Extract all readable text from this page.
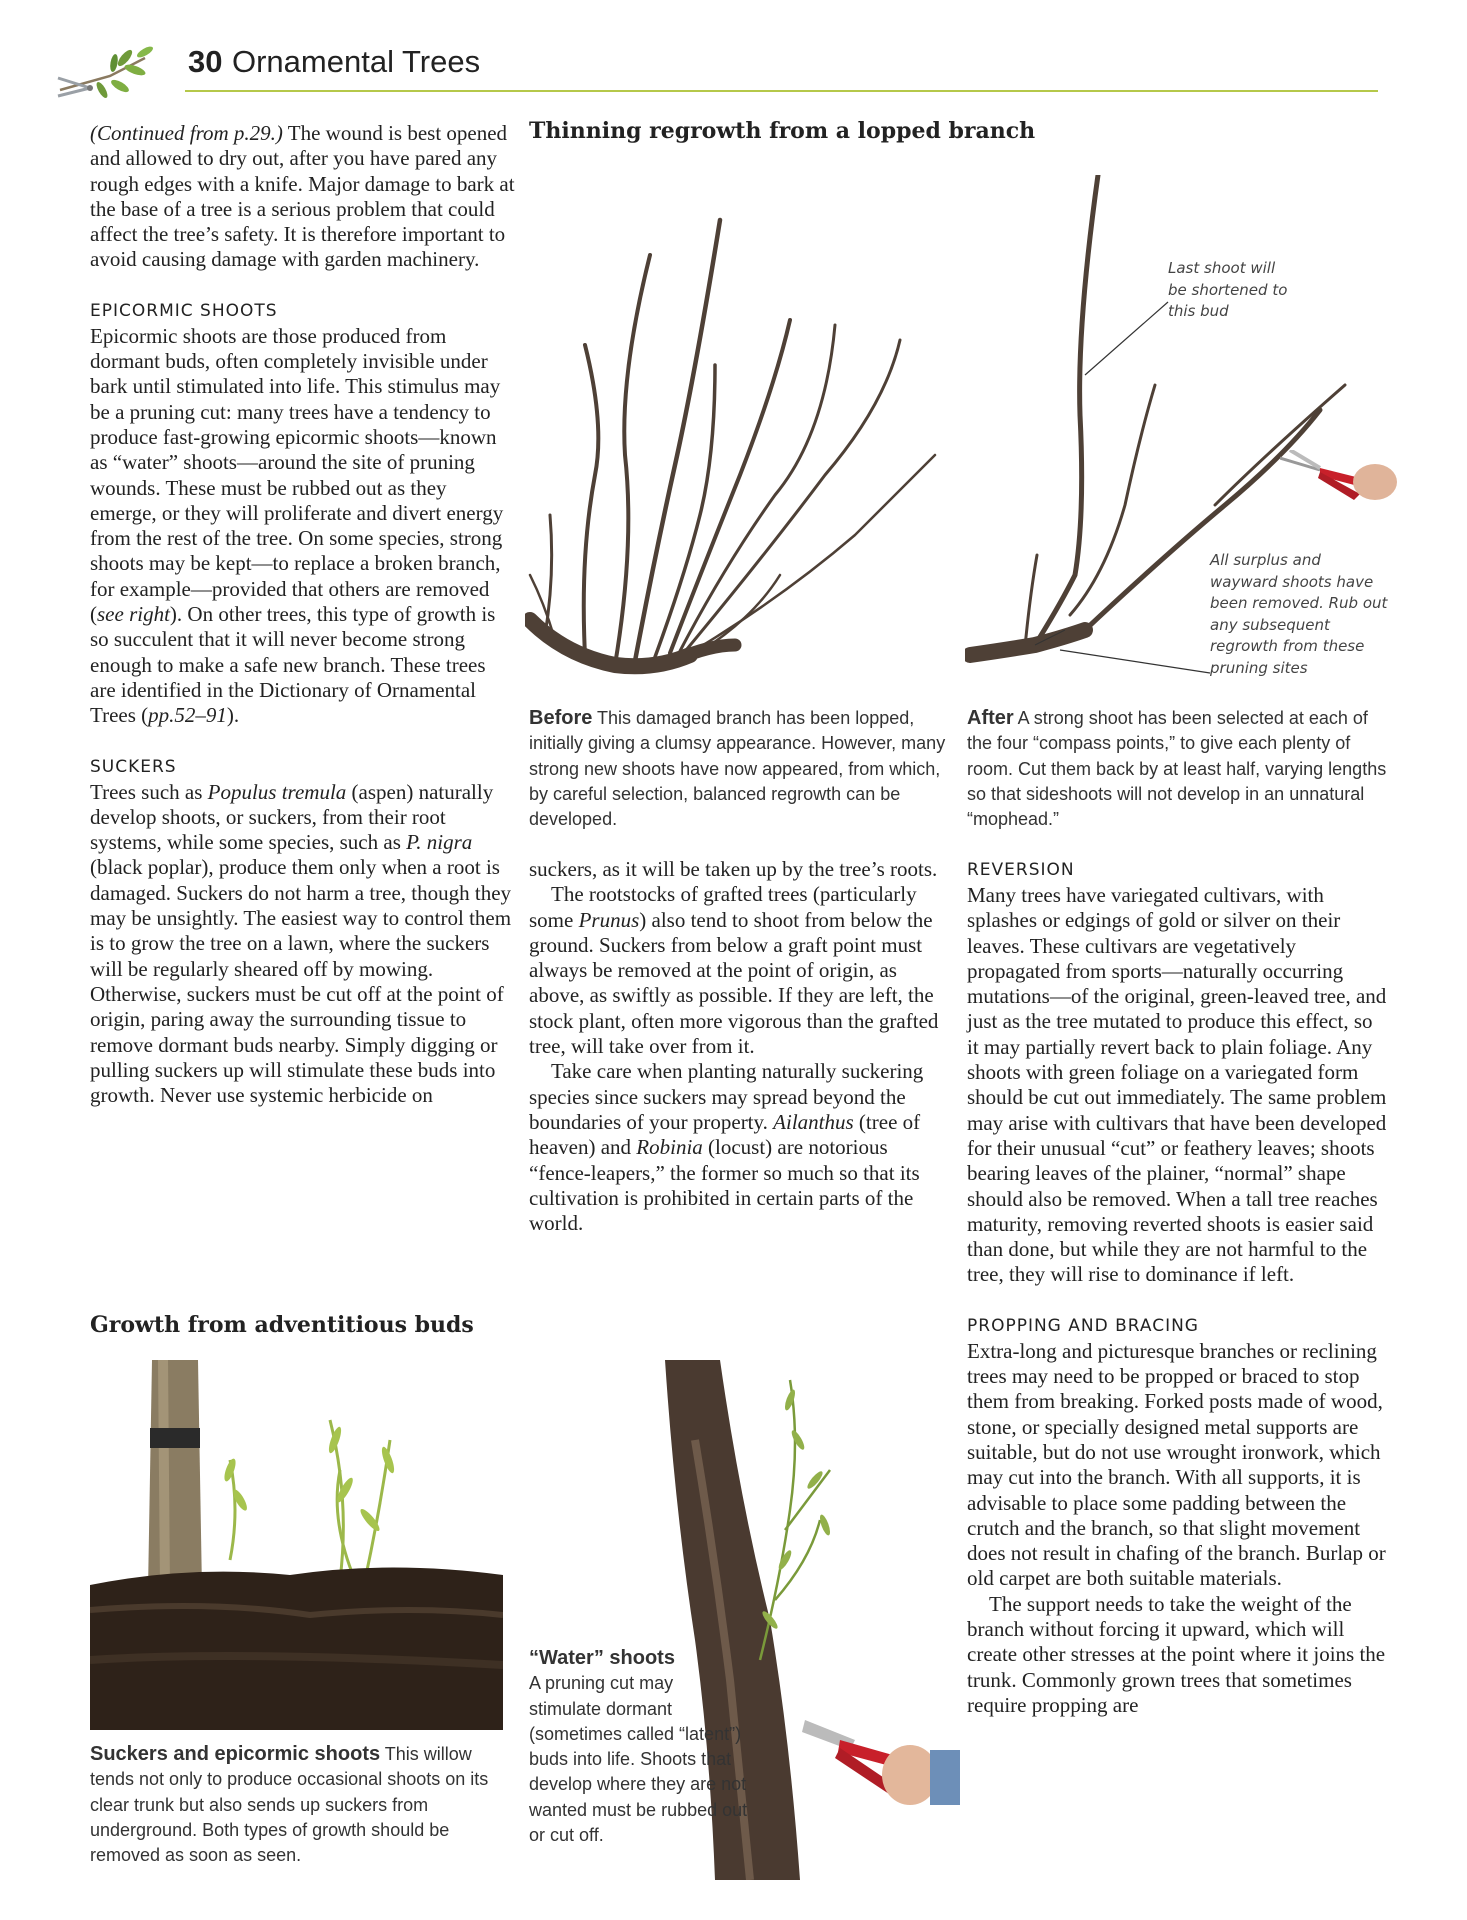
30 Ornamental Trees

(Continued from p.29.) The wound is best opened and allowed to dry out, after you have pared any rough edges with a knife. Major damage to bark at the base of a tree is a serious problem that could affect the tree’s safety. It is therefore important to avoid causing damage with garden machinery.

EPICORMIC SHOOTS

Epicormic shoots are those produced from dormant buds, often completely invisible under bark until stimulated into life. This stimulus may be a pruning cut: many trees have a tendency to produce fast-growing epicormic shoots—known as “water” shoots—around the site of pruning wounds. These must be rubbed out as they emerge, or they will proliferate and divert energy from the rest of the tree. On some species, strong shoots may be kept—to replace a broken branch, for example—provided that others are removed (see right). On other trees, this type of growth is so succulent that it will never become strong enough to make a safe new branch. These trees are identified in the Dictionary of Ornamental Trees (pp.52–91).

SUCKERS

Trees such as Populus tremula (aspen) naturally develop shoots, or suckers, from their root systems, while some species, such as P. nigra (black poplar), produce them only when a root is damaged. Suckers do not harm a tree, though they may be unsightly. The easiest way to control them is to grow the tree on a lawn, where the suckers will be regularly sheared off by mowing. Otherwise, suckers must be cut off at the point of origin, paring away the surrounding tissue to remove dormant buds nearby. Simply digging or pulling suckers up will stimulate these buds into growth. Never use systemic herbicide on

Thinning regrowth from a lopped branch

Last shoot will be shortened to this bud

All surplus and wayward shoots have been removed. Rub out any subsequent regrowth from these pruning sites

Before This damaged branch has been lopped, initially giving a clumsy appearance. However, many strong new shoots have now appeared, from which, by careful selection, balanced regrowth can be developed.

After A strong shoot has been selected at each of the four “compass points,” to give each plenty of room. Cut them back by at least half, varying lengths so that sideshoots will not develop in an unnatural “mophead.”

suckers, as it will be taken up by the tree’s roots.

The rootstocks of grafted trees (particularly some Prunus) also tend to shoot from below the ground. Suckers from below a graft point must always be removed at the point of origin, as above, as swiftly as possible. If they are left, the stock plant, often more vigorous than the grafted tree, will take over from it.

Take care when planting naturally suckering species since suckers may spread beyond the boundaries of your property. Ailanthus (tree of heaven) and Robinia (locust) are notorious “fence-leapers,” the former so much so that its cultivation is prohibited in certain parts of the world.

REVERSION

Many trees have variegated cultivars, with splashes or edgings of gold or silver on their leaves. These cultivars are vegetatively propagated from sports—naturally occurring mutations—of the original, green-leaved tree, and just as the tree mutated to produce this effect, so it may partially revert back to plain foliage. Any shoots with green foliage on a variegated form should be cut out immediately. The same problem may arise with cultivars that have been developed for their unusual “cut” or feathery leaves; shoots bearing leaves of the plainer, “normal” shape should also be removed. When a tall tree reaches maturity, removing reverted shoots is easier said than done, but while they are not harmful to the tree, they will rise to dominance if left.

PROPPING AND BRACING

Extra-long and picturesque branches or reclining trees may need to be propped or braced to stop them from breaking. Forked posts made of wood, stone, or specially designed metal supports are suitable, but do not use wrought ironwork, which may cut into the branch. With all supports, it is advisable to place some padding between the crutch and the branch, so that slight movement does not result in chafing of the branch. Burlap or old carpet are both suitable materials.

The support needs to take the weight of the branch without forcing it upward, which will create other stresses at the point where it joins the trunk. Commonly grown trees that sometimes require propping are

Growth from adventitious buds

Suckers and epicormic shoots This willow tends not only to produce occasional shoots on its clear trunk but also sends up suckers from underground. Both types of growth should be removed as soon as seen.

“Water” shoots

A pruning cut may stimulate dormant (sometimes called “latent”) buds into life. Shoots that develop where they are not wanted must be rubbed out or cut off.
